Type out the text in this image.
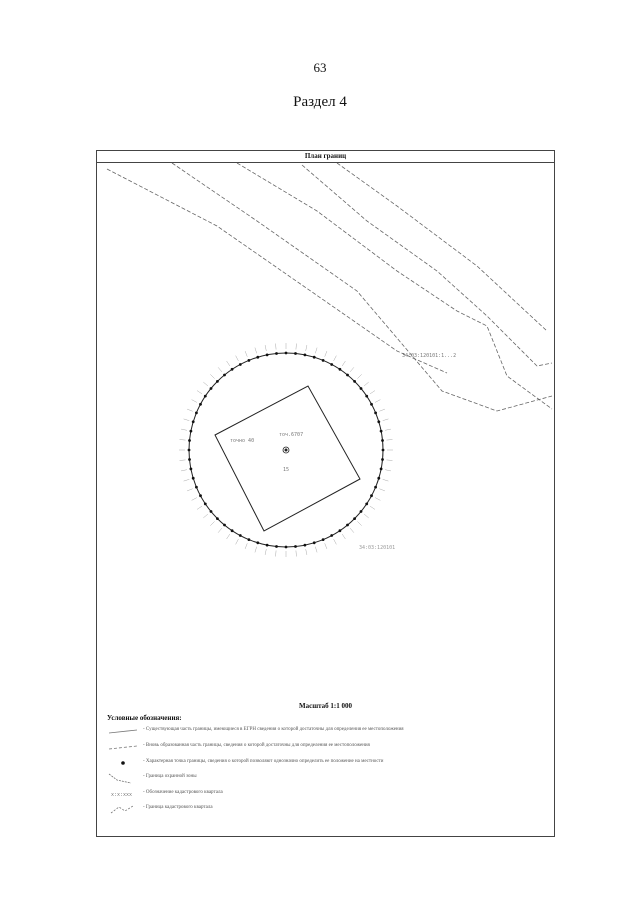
63
Раздел 4
План границ
34:03:120101:1...2
точно 40
точ.6707
15
34:03:120101
Масштаб 1:1 000
Условные обозначения:
- Существующая часть границы, имеющиеся в ЕГРН сведения о которой достаточны для определения ее местоположения
- Вновь образованная часть границы, сведения о которой достаточны для определения ее местоположения
- Характерная точка границы, сведения о которой позволяют однозначно определить ее положение на местности
- Граница охранной зоны
x:x:xxx - Обозначение кадастрового квартала
- Граница кадастрового квартала
